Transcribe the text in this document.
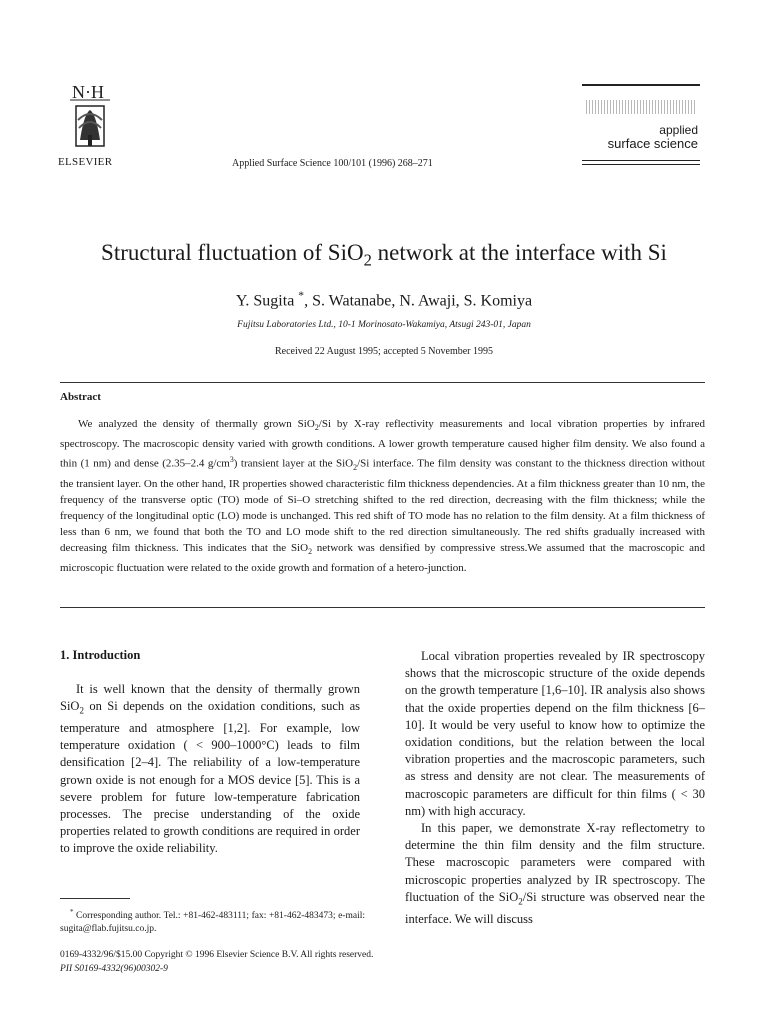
N·H
ELSEVIER	Applied Surface Science 100/101 (1996) 268–271
applied
surface science
Structural fluctuation of SiO$_2$ network at the interface with Si
Y. Sugita *, S. Watanabe, N. Awaji, S. Komiya
Fujitsu Laboratories Ltd., 10-1 Morinosato-Wakamiya, Atsugi 243-01, Japan
Received 22 August 1995; accepted 5 November 1995
Abstract

We analyzed the density of thermally grown SiO$_2$/Si by X-ray reflectivity measurements and local vibration properties by infrared spectroscopy. The macroscopic density varied with growth conditions. A lower growth temperature caused higher film density. We also found a thin (1 nm) and dense (2.35–2.4 $g/cm^3$) transient layer at the SiO$_2$/Si interface. The film density was constant to the thickness direction without the transient layer. On the other hand, IR properties showed characteristic film thickness dependencies. At a film thickness greater than 10 nm, the frequency of the transverse optic (TO) mode of Si–O stretching shifted to the red direction, decreasing with the film thickness; while the frequency of the longitudinal optic (LO) mode is unchanged. This red shift of TO mode has no relation to the film density. At a film thickness of less than 6 nm, we found that both the TO and LO mode shift to the red direction simultaneously. The red shifts gradually increased with decreasing film thickness. This indicates that the SiO$_2$ network was densified by compressive stress.We assumed that the macroscopic and microscopic fluctuation were related to the oxide growth and formation of a hetero-junction.

1. Introduction

It is well known that the density of thermally grown SiO$_2$ on Si depends on the oxidation conditions, such as temperature and atmosphere [1,2]. For example, low temperature oxidation ( < 900–1000°C) leads to film densification [2–4]. The reliability of a low-temperature grown oxide is not enough for a MOS device [5]. This is a severe problem for future low-temperature fabrication processes. The precise understanding of the oxide properties related to growth conditions are required in order to improve the oxide reliability.

Local vibration properties revealed by IR spectroscopy shows that the microscopic structure of the oxide depends on the growth temperature [1,6–10]. IR analysis also shows that the oxide properties depend on the film thickness [6–10]. It would be very useful to know how to optimize the oxidation conditions, but the relation between the local vibration properties and the macroscopic parameters, such as stress and density are not clear. The measurements of macroscopic parameters are difficult for thin films ( < 30 nm) with high accuracy.

In this paper, we demonstrate X-ray reflectometry to determine the thin film density and the film structure. These macroscopic parameters were compared with microscopic properties analyzed by IR spectroscopy. The fluctuation of the SiO$_2$/Si structure was observed near the interface. We will discuss

* Corresponding author. Tel.: +81-462-483111; fax: +81-462-483473; e-mail: sugita@flab.fujitsu.co.jp.
0169-4332/96/$15.00 Copyright © 1996 Elsevier Science B.V. All rights reserved.
PII S0169-4332(96)00302-9
